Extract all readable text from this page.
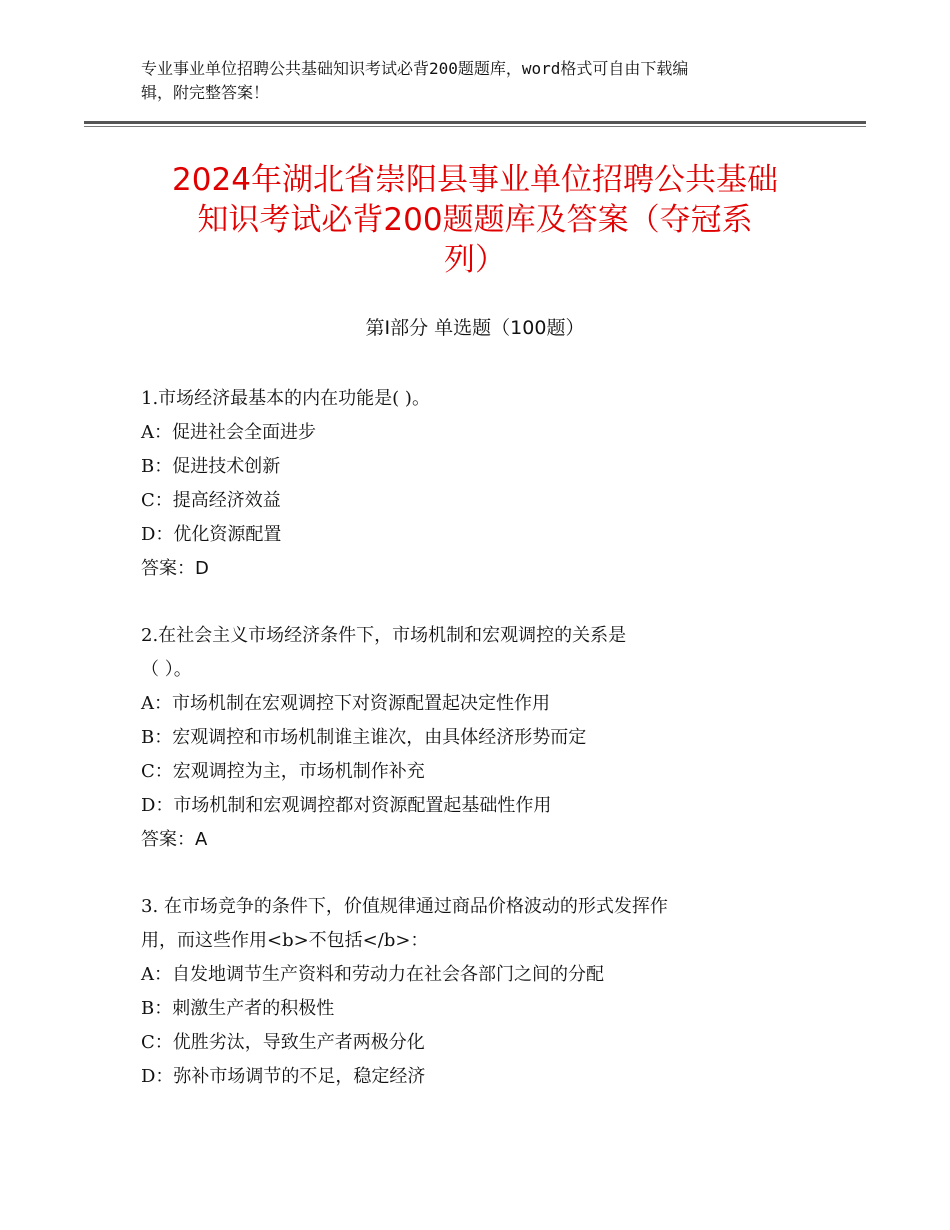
专业事业单位招聘公共基础知识考试必背200题题库，word格式可自由下载编
辑，附完整答案！
2024年湖北省崇阳县事业单位招聘公共基础
知识考试必背200题题库及答案（夺冠系
列）
第Ⅰ部分 单选题（100题）
1.市场经济最基本的内在功能是( )。
A：促进社会全面进步
B：促进技术创新
C：提高经济效益
D：优化资源配置
答案：D
2.在社会主义市场经济条件下，市场机制和宏观调控的关系是
（ ）。
A：市场机制在宏观调控下对资源配置起决定性作用
B：宏观调控和市场机制谁主谁次，由具体经济形势而定
C：宏观调控为主，市场机制作补充
D：市场机制和宏观调控都对资源配置起基础性作用
答案：A
3. 在市场竞争的条件下，价值规律通过商品价格波动的形式发挥作
用，而这些作用<b>不包括</b>：
A：自发地调节生产资料和劳动力在社会各部门之间的分配
B：刺激生产者的积极性
C：优胜劣汰，导致生产者两极分化
D：弥补市场调节的不足，稳定经济
